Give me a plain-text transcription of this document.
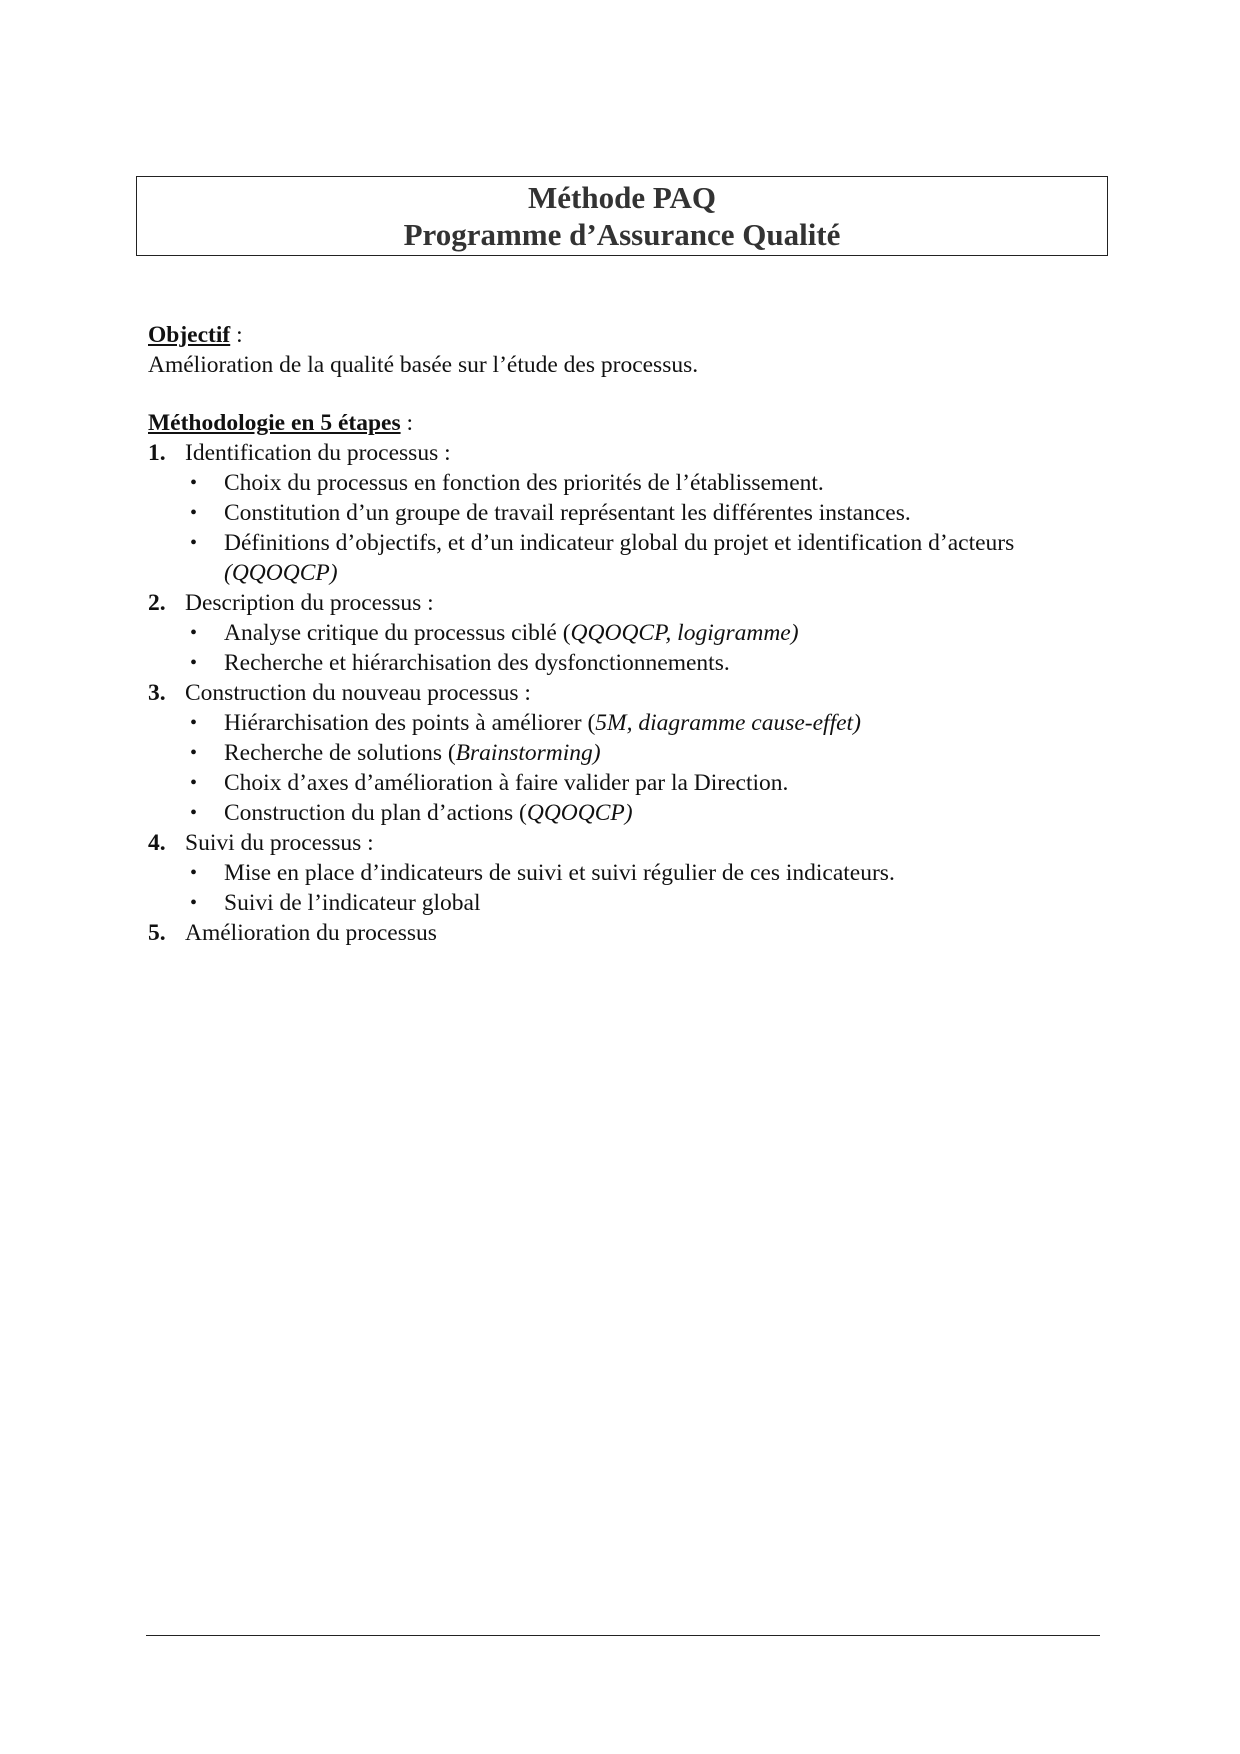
Méthode PAQ
Programme d’Assurance Qualité
Objectif :
Amélioration de la qualité basée sur l’étude des processus.
Méthodologie en 5 étapes :
1. Identification du processus :
• Choix du processus en fonction des priorités de l’établissement.
• Constitution d’un groupe de travail représentant les différentes instances.
• Définitions d’objectifs, et d’un indicateur global du projet et identification d’acteurs (QQOQCP)
2. Description du processus :
• Analyse critique du processus ciblé (QQOQCP, logigramme)
• Recherche et hiérarchisation des dysfonctionnements.
3. Construction du nouveau processus :
• Hiérarchisation des points à améliorer (5M, diagramme cause-effet)
• Recherche de solutions (Brainstorming)
• Choix d’axes d’amélioration à faire valider par la Direction.
• Construction du plan d’actions (QQOQCP)
4. Suivi du processus :
• Mise en place d’indicateurs de suivi et suivi régulier de ces indicateurs.
• Suivi de l’indicateur global
5. Amélioration du processus
